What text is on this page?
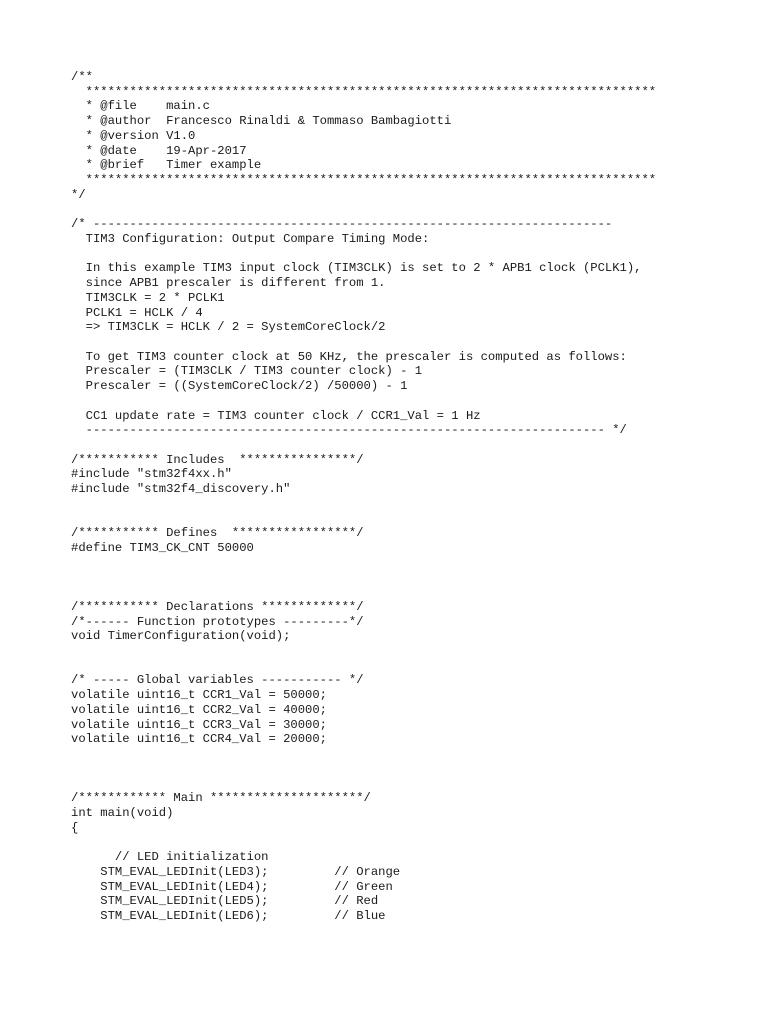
/**
******************************************************************************
* @file    main.c
* @author  Francesco Rinaldi & Tommaso Bambagiotti
* @version V1.0
* @date    19-Apr-2017
* @brief   Timer example
******************************************************************************
*/
/* -----------------------------------------------------------------------
TIM3 Configuration: Output Compare Timing Mode:
In this example TIM3 input clock (TIM3CLK) is set to 2 * APB1 clock (PCLK1),
since APB1 prescaler is different from 1.
TIM3CLK = 2 * PCLK1
PCLK1 = HCLK / 4
=> TIM3CLK = HCLK / 2 = SystemCoreClock/2
To get TIM3 counter clock at 50 KHz, the prescaler is computed as follows:
Prescaler = (TIM3CLK / TIM3 counter clock) - 1
Prescaler = ((SystemCoreClock/2) /50000) - 1
CC1 update rate = TIM3 counter clock / CCR1_Val = 1 Hz
----------------------------------------------------------------------- */
/*********** Includes  ****************/
#include "stm32f4xx.h"
#include "stm32f4_discovery.h"
/*********** Defines  *****************/
#define TIM3_CK_CNT 50000
/*********** Declarations *************/
/*------ Function prototypes ---------*/
void TimerConfiguration(void);
/* ----- Global variables ----------- */
volatile uint16_t CCR1_Val = 50000;
volatile uint16_t CCR2_Val = 40000;
volatile uint16_t CCR3_Val = 30000;
volatile uint16_t CCR4_Val = 20000;
/************ Main *********************/
int main(void)
{
// LED initialization
STM_EVAL_LEDInit(LED3);         // Orange
STM_EVAL_LEDInit(LED4);         // Green
STM_EVAL_LEDInit(LED5);         // Red
STM_EVAL_LEDInit(LED6);         // Blue
